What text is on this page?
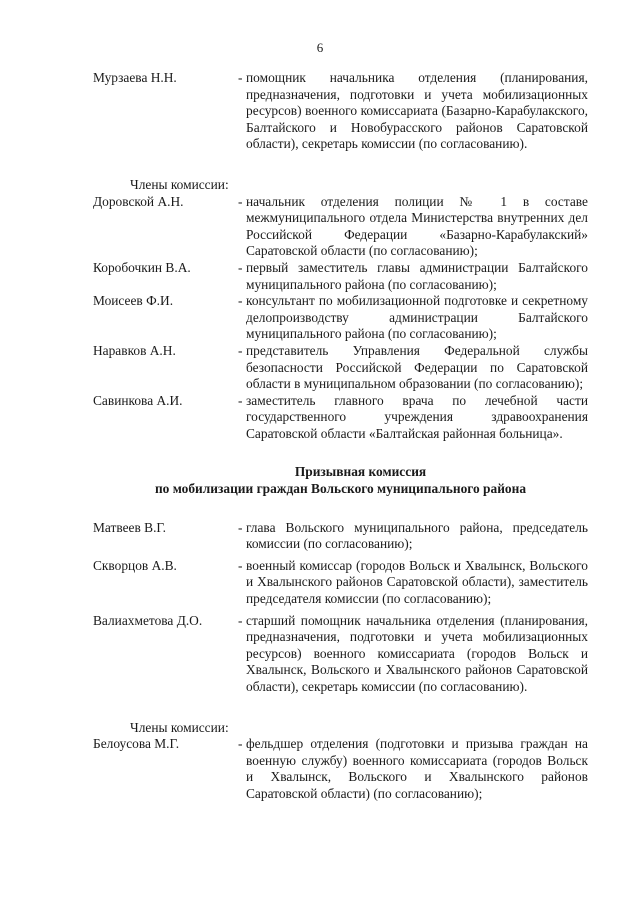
6
Мурзаева Н.Н.	- помощник начальника отделения (планирования, предназначения, подготовки и учета мобилизационных ресурсов) военного комиссариата (Базарно-Карабулакского, Балтайского и Новобурасского районов Саратовской области), секретарь комиссии (по согласованию).
Члены комиссии:
Доровской А.Н.	- начальник отделения полиции № 1 в составе межмуниципального отдела Министерства внутренних дел Российской Федерации «Базарно-Карабулакский» Саратовской области (по согласованию);
Коробочкин В.А.	- первый заместитель главы администрации Балтайского муниципального района (по согласованию);
Моисеев Ф.И.	- консультант по мобилизационной подготовке и секретному делопроизводству администрации Балтайского муниципального района (по согласованию);
Наравков А.Н.	- представитель Управления Федеральной службы безопасности Российской Федерации по Саратовской области в муниципальном образовании (по согласованию);
Савинкова А.И.	- заместитель главного врача по лечебной части государственного учреждения здравоохранения Саратовской области «Балтайская районная больница».
Призывная комиссия
по мобилизации граждан Вольского муниципального района
Матвеев В.Г.	- глава Вольского муниципального района, председатель комиссии (по согласованию);
Скворцов А.В.	- военный комиссар (городов Вольск и Хвалынск, Вольского и Хвалынского районов Саратовской области), заместитель председателя комиссии (по согласованию);
Валиахметова Д.О.	- старший помощник начальника отделения (планирования, предназначения, подготовки и учета мобилизационных ресурсов) военного комиссариата (городов Вольск и Хвалынск, Вольского и Хвалынского районов Саратовской области), секретарь комиссии (по согласованию).
Члены комиссии:
Белоусова М.Г.	- фельдшер отделения (подготовки и призыва граждан на военную службу) военного комиссариата (городов Вольск и Хвалынск, Вольского и Хвалынского районов Саратовской области) (по согласованию);
